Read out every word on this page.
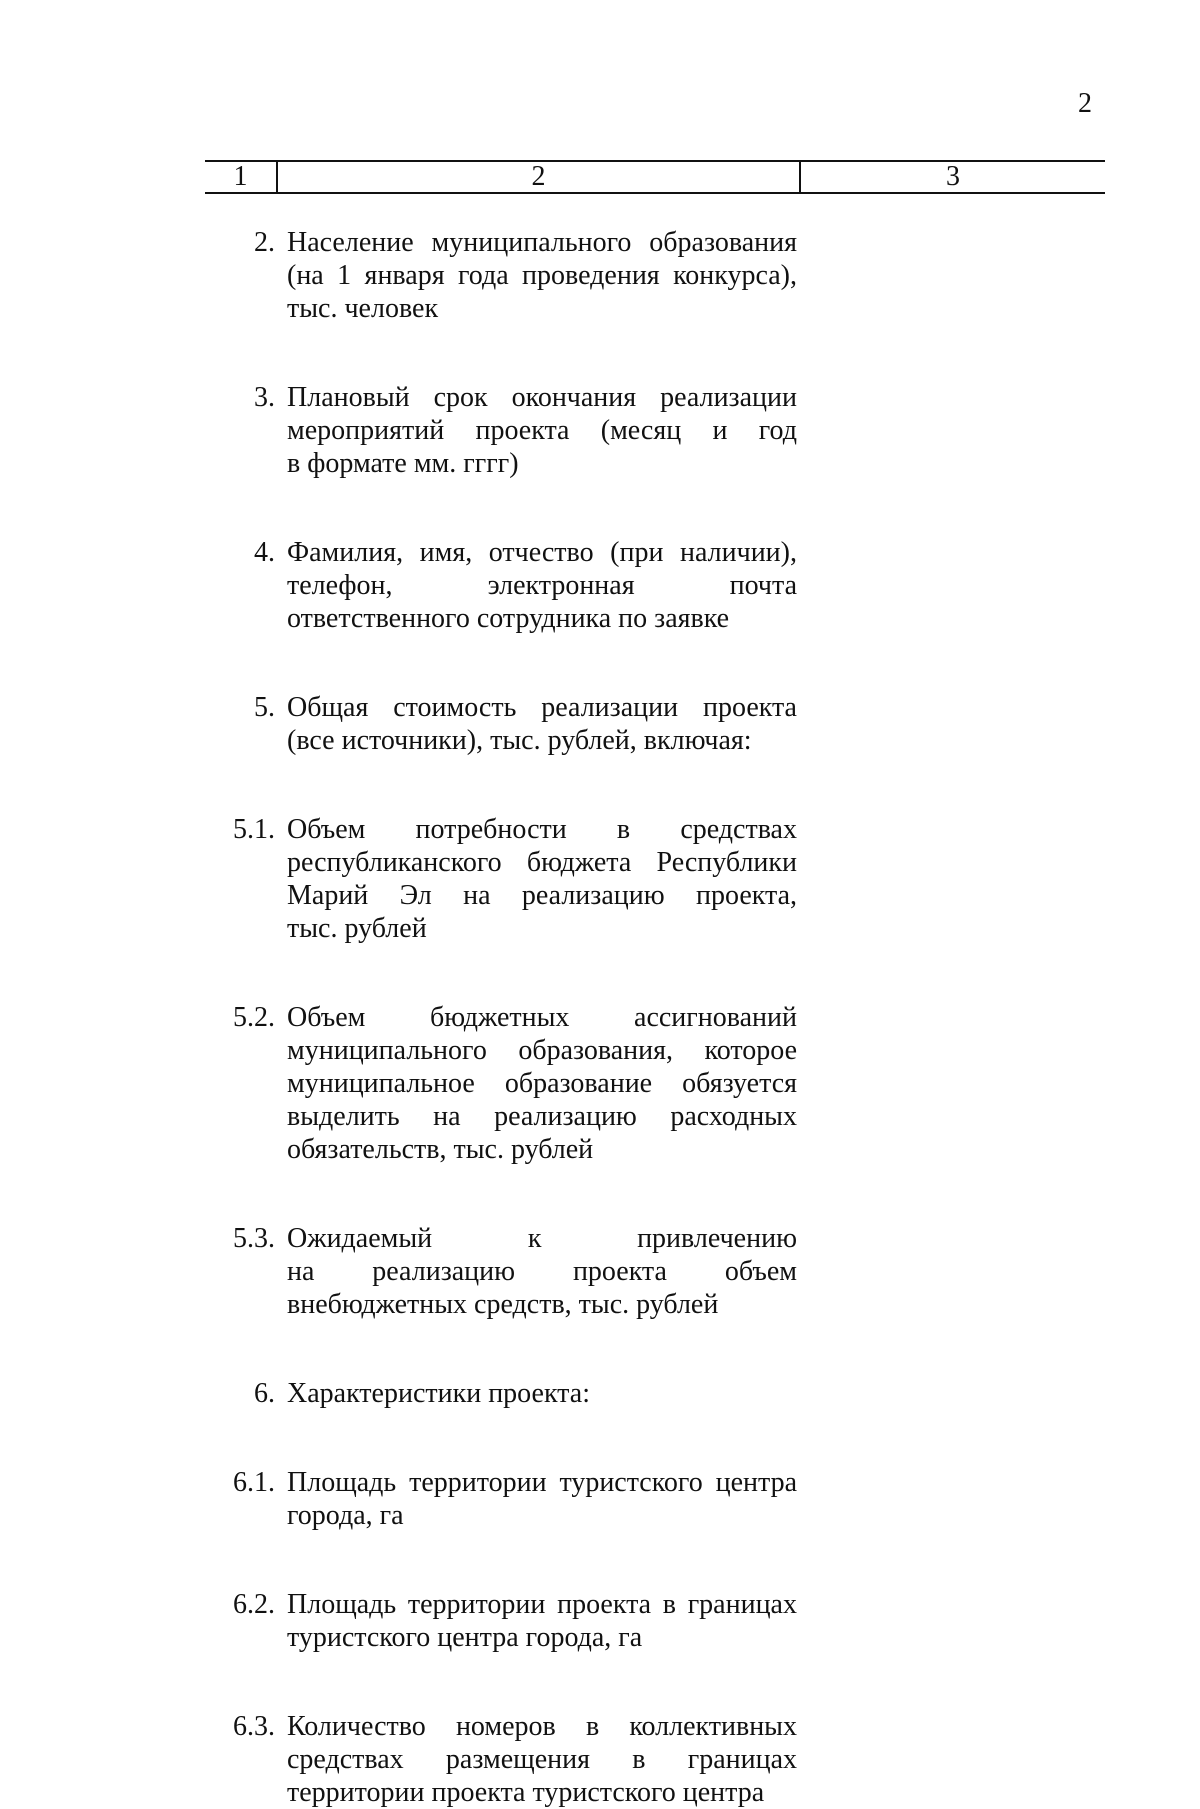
2
1	2	3
2. Население муниципального образования
(на 1 января года проведения конкурса),
тыс. человек
3. Плановый срок окончания реализации
мероприятий проекта (месяц и год
в формате мм. гггг)
4. Фамилия, имя, отчество (при наличии),
телефон, электронная почта
ответственного сотрудника по заявке
5. Общая стоимость реализации проекта
(все источники), тыс. рублей, включая:
5.1. Объем потребности в средствах
республиканского бюджета Республики
Марий Эл на реализацию проекта,
тыс. рублей
5.2. Объем бюджетных ассигнований
муниципального образования, которое
муниципальное образование обязуется
выделить на реализацию расходных
обязательств, тыс. рублей
5.3. Ожидаемый к привлечению
на реализацию проекта объем
внебюджетных средств, тыс. рублей
6. Характеристики проекта:
6.1. Площадь территории туристского центра
города, га
6.2. Площадь территории проекта в границах
туристского центра города, га
6.3. Количество номеров в коллективных
средствах размещения в границах
территории проекта туристского центра
